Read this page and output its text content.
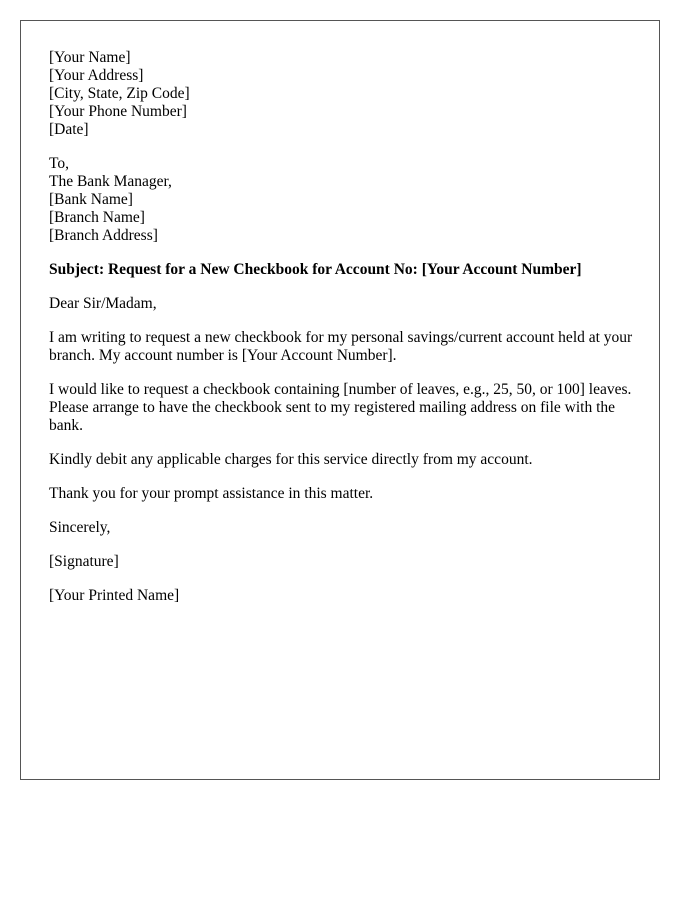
[Your Name]
[Your Address]
[City, State, Zip Code]
[Your Phone Number]
[Date]
To,
The Bank Manager,
[Bank Name]
[Branch Name]
[Branch Address]

Subject: Request for a New Checkbook for Account No: [Your Account Number]

Dear Sir/Madam,

I am writing to request a new checkbook for my personal savings/current account held at your branch. My account number is [Your Account Number].

I would like to request a checkbook containing [number of leaves, e.g., 25, 50, or 100] leaves. Please arrange to have the checkbook sent to my registered mailing address on file with the bank.

Kindly debit any applicable charges for this service directly from my account.

Thank you for your prompt assistance in this matter.

Sincerely,

[Signature]

[Your Printed Name]
